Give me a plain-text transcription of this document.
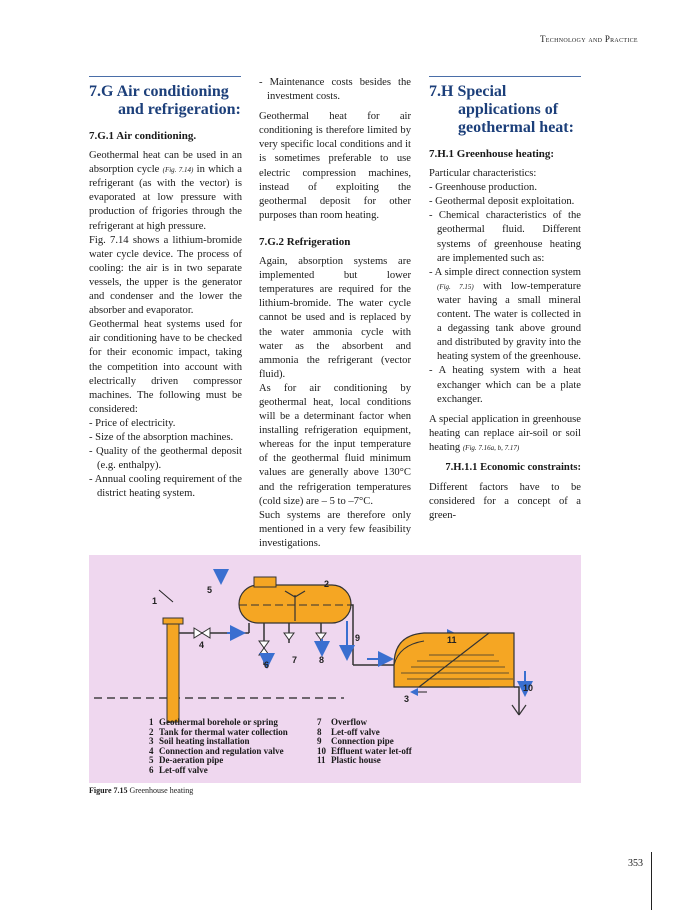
Technology and Practice
7.G Air conditioning
and refrigeration:
7.G.1 Air conditioning.

Geothermal heat can be used in an absorption cycle (Fig. 7.14) in which a refrigerant (as with the vector) is evaporated at low pressure with production of frigories through the refrigerant at high pressure.

Fig. 7.14 shows a lithium-bromide water cycle device. The process of cooling: the air is in two separate vessels, the upper is the generator and condenser and the lower the absorber and evaporator.

Geothermal heat systems used for air conditioning have to be checked for their economic impact, taking the competition into account with electrically driven compressor machines. The following must be considered:

- Price of electricity.

- Size of the absorption machines.

- Quality of the geothermal deposit (e.g. enthalpy).

- Annual cooling requirement of the district heating system.

- Maintenance costs besides the investment costs.

Geothermal heat for air conditioning is therefore limited by very specific local conditions and it is sometimes preferable to use electric compression machines, instead of exploiting the geothermal deposit for other purposes than room heating.

7.G.2 Refrigeration

Again, absorption systems are implemented but lower temperatures are required for the lithium-bromide. The water cycle cannot be used and is replaced by the water ammonia cycle with water as the absorbent and ammonia the refrigerant (vector fluid).

As for air conditioning by geothermal heat, local conditions will be a determinant factor when installing refrigeration equipment, whereas for the input temperature of the geothermal fluid minimum values are generally above 130°C and the refrigeration temperatures (cold size) are – 5 to –7°C.

Such systems are therefore only mentioned in a very few feasibility investigations.

7.H Special
applications of
geothermal heat:
7.H.1 Greenhouse heating:

Particular characteristics:

- Greenhouse production.

- Geothermal deposit exploitation.

- Chemical characteristics of the geothermal fluid. Different systems of greenhouse heating are implemented such as:

- A simple direct connection system (Fig. 7.15) with low-temperature water having a small mineral content. The water is collected in a degassing tank above ground and distributed by gravity into the heating system of the greenhouse.

- A heating system with a heat exchanger which can be a plate exchanger.

A special application in greenhouse heating can replace air-soil or soil heating (Fig. 7.16a, b, 7.17)

7.H.1.1 Economic constraints:

Different factors have to be considered for a concept of a green-

1
2
3
4
5
6	7 8
9
10
11
1 Geothermal borehole or spring
2 Tank for thermal water collection
3 Soil heating installation
4 Connection and regulation valve
5 De-aeration pipe
6 Let-off valve
7 Overflow
8 Let-off valve
9 Connection pipe
10 Effluent water let-off
11 Plastic house
Figure 7.15 Greenhouse heating
353
